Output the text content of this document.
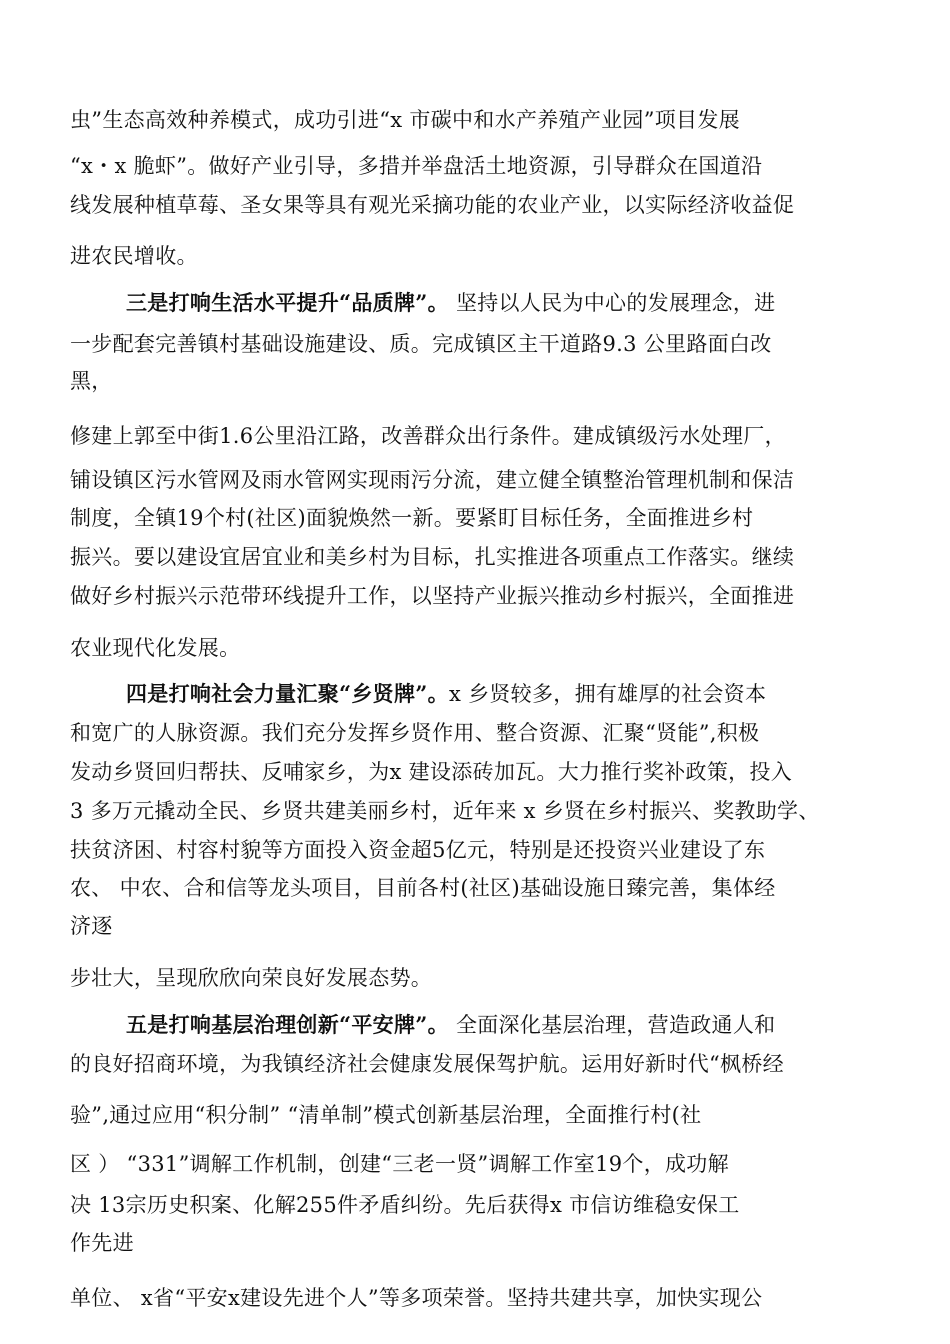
虫”生态高效种养模式，成功引进“x 市碳中和水产养殖产业园”项目发展
“x・x 脆虾”。做好产业引导，多措并举盘活土地资源，引导群众在国道沿
线发展种植草莓、圣女果等具有观光采摘功能的农业产业，以实际经济收益促
进农民增收。
三是打响生活水平提升“品质牌”。 坚持以人民为中心的发展理念，进
一步配套完善镇村基础设施建设、质。完成镇区主干道路9.3 公里路面白改
黑，
修建上郭至中街1.6公里沿江路，改善群众出行条件。建成镇级污水处理厂，
铺设镇区污水管网及雨水管网实现雨污分流，建立健全镇整治管理机制和保洁
制度，全镇19个村(社区)面貌焕然一新。要紧盯目标任务，全面推进乡村
振兴。要以建设宜居宜业和美乡村为目标，扎实推进各项重点工作落实。继续
做好乡村振兴示范带环线提升工作，以坚持产业振兴推动乡村振兴，全面推进
农业现代化发展。
四是打响社会力量汇聚“乡贤牌”。x 乡贤较多，拥有雄厚的社会资本
和宽广的人脉资源。我们充分发挥乡贤作用、整合资源、汇聚“贤能”,积极
发动乡贤回归帮扶、反哺家乡，为x 建设添砖加瓦。大力推行奖补政策，投入
3 多万元撬动全民、乡贤共建美丽乡村，近年来 x 乡贤在乡村振兴、奖教助学、
扶贫济困、村容村貌等方面投入资金超5亿元，特别是还投资兴业建设了东
农、 中农、合和信等龙头项目，目前各村(社区)基础设施日臻完善，集体经
济逐
步壮大，呈现欣欣向荣良好发展态势。
五是打响基层治理创新“平安牌”。 全面深化基层治理，营造政通人和
的良好招商环境，为我镇经济社会健康发展保驾护航。运用好新时代“枫桥经
验”,通过应用“积分制” “清单制”模式创新基层治理，全面推行村(社
区 ） “331”调解工作机制，创建“三老一贤”调解工作室19个，成功解
决 13宗历史积案、化解255件矛盾纠纷。先后获得x 市信访维稳安保工
作先进
单位、 x省“平安x建设先进个人”等多项荣誉。坚持共建共享，加快实现公
